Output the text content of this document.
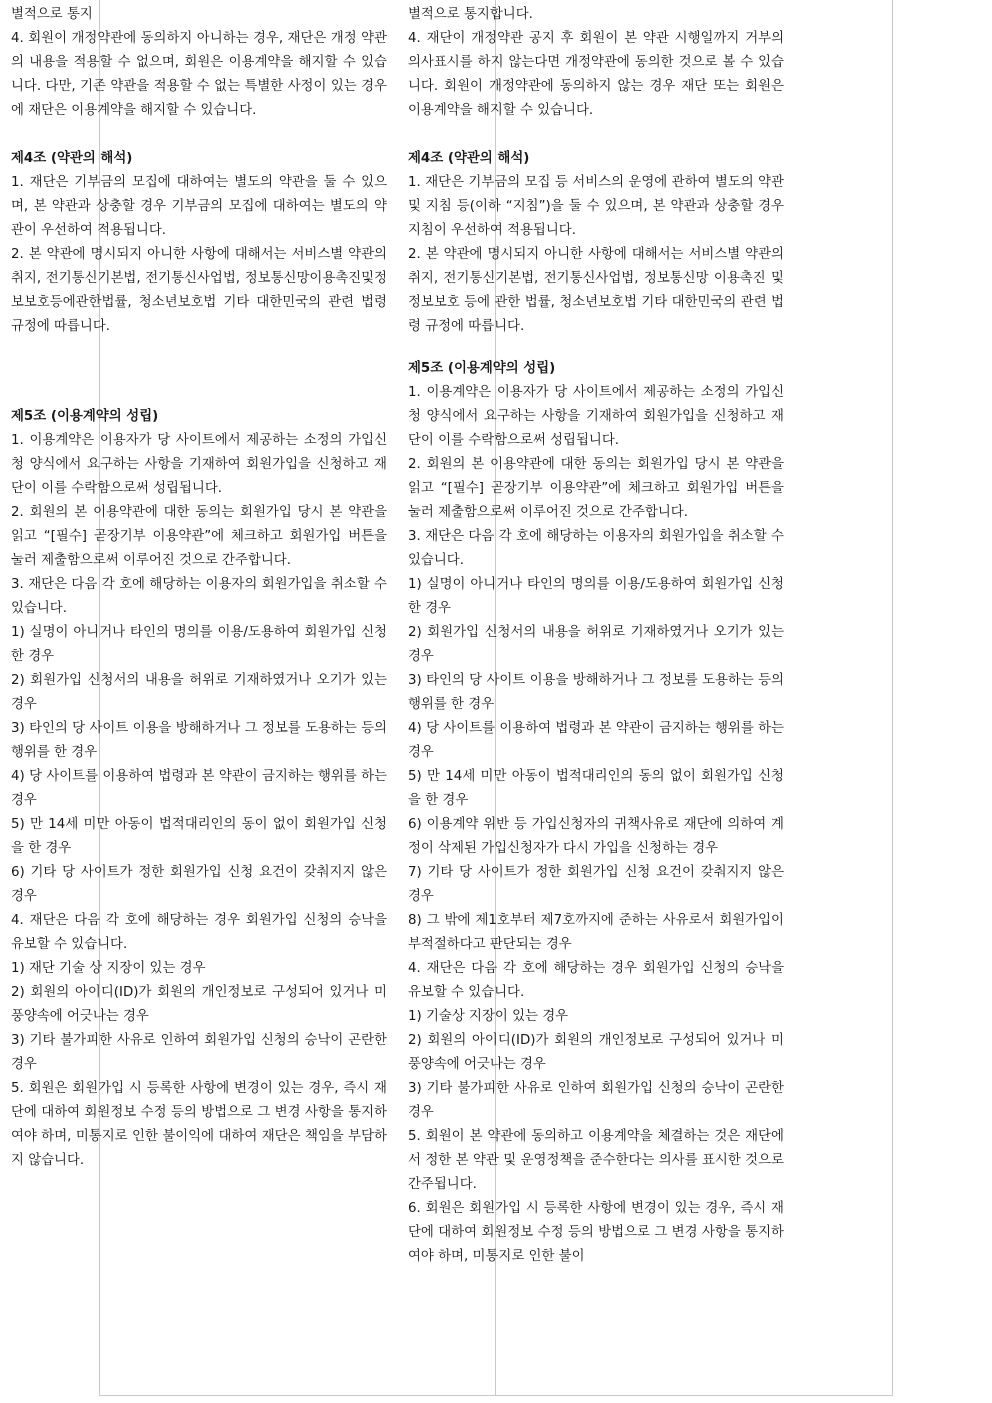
별적으로 통지

4. 회원이 개정약관에 동의하지 아니하는 경우, 재단은 개정 약관의 내용을 적용할 수 없으며, 회원은 이용계약을 해지할 수 있습니다. 다만, 기존 약관을 적용할 수 없는 특별한 사정이 있는 경우에 재단은 이용계약을 해지할 수 있습니다.

제4조 (약관의 해석)

1. 재단은 기부금의 모집에 대하여는 별도의 약관을 둘 수 있으며, 본 약관과 상충할 경우 기부금의 모집에 대하여는 별도의 약관이 우선하여 적용됩니다.

2. 본 약관에 명시되지 아니한 사항에 대해서는 서비스별 약관의 취지, 전기통신기본법, 전기통신사업법, 정보통신망이용촉진및정보보호등에관한법률, 청소년보호법 기타 대한민국의 관련 법령 규정에 따릅니다.

제5조 (이용계약의 성립)

1. 이용계약은 이용자가 당 사이트에서 제공하는 소정의 가입신청 양식에서 요구하는 사항을 기재하여 회원가입을 신청하고 재단이 이를 수락함으로써 성립됩니다.

2. 회원의 본 이용약관에 대한 동의는 회원가입 당시 본 약관을 읽고 “[필수] 곧장기부 이용약관”에 체크하고 회원가입 버튼을 눌러 제출함으로써 이루어진 것으로 간주합니다.

3. 재단은 다음 각 호에 해당하는 이용자의 회원가입을 취소할 수 있습니다.

1) 실명이 아니거나 타인의 명의를 이용/도용하여 회원가입 신청한 경우

2) 회원가입 신청서의 내용을 허위로 기재하였거나 오기가 있는 경우

3) 타인의 당 사이트 이용을 방해하거나 그 정보를 도용하는 등의 행위를 한 경우

4) 당 사이트를 이용하여 법령과 본 약관이 금지하는 행위를 하는 경우

5) 만 14세 미만 아동이 법적대리인의 동이 없이 회원가입 신청을 한 경우

6) 기타 당 사이트가 정한 회원가입 신청 요건이 갖춰지지 않은 경우

4. 재단은 다음 각 호에 해당하는 경우 회원가입 신청의 승낙을 유보할 수 있습니다.

1) 재단 기술 상 지장이 있는 경우

2) 회원의 아이디(ID)가 회원의 개인정보로 구성되어 있거나 미풍양속에 어긋나는 경우

3) 기타 불가피한 사유로 인하여 회원가입 신청의 승낙이 곤란한 경우

5. 회원은 회원가입 시 등록한 사항에 변경이 있는 경우, 즉시 재단에 대하여 회원정보 수정 등의 방법으로 그 변경 사항을 통지하여야 하며, 미통지로 인한 불이익에 대하여 재단은 책임을 부담하지 않습니다.

별적으로 통지합니다.

4. 재단이 개정약관 공지 후 회원이 본 약관 시행일까지 거부의 의사표시를 하지 않는다면 개정약관에 동의한 것으로 볼 수 있습니다. 회원이 개정약관에 동의하지 않는 경우 재단 또는 회원은 이용계약을 해지할 수 있습니다.

제4조 (약관의 해석)

1. 재단은 기부금의 모집 등 서비스의 운영에 관하여 별도의 약관 및 지침 등(이하 “지침”)을 둘 수 있으며, 본 약관과 상충할 경우 지침이 우선하여 적용됩니다.

2. 본 약관에 명시되지 아니한 사항에 대해서는 서비스별 약관의 취지, 전기통신기본법, 전기통신사업법, 정보통신망 이용촉진 및 정보보호 등에 관한 법률, 청소년보호법 기타 대한민국의 관련 법령 규정에 따릅니다.

제5조 (이용계약의 성립)

1. 이용계약은 이용자가 당 사이트에서 제공하는 소정의 가입신청 양식에서 요구하는 사항을 기재하여 회원가입을 신청하고 재단이 이를 수락함으로써 성립됩니다.

2. 회원의 본 이용약관에 대한 동의는 회원가입 당시 본 약관을 읽고 “[필수] 곧장기부 이용약관”에 체크하고 회원가입 버튼을 눌러 제출함으로써 이루어진 것으로 간주합니다.

3. 재단은 다음 각 호에 해당하는 이용자의 회원가입을 취소할 수 있습니다.

1) 실명이 아니거나 타인의 명의를 이용/도용하여 회원가입 신청한 경우

2) 회원가입 신청서의 내용을 허위로 기재하였거나 오기가 있는 경우

3) 타인의 당 사이트 이용을 방해하거나 그 정보를 도용하는 등의 행위를 한 경우

4) 당 사이트를 이용하여 법령과 본 약관이 금지하는 행위를 하는 경우

5) 만 14세 미만 아동이 법적대리인의 동의 없이 회원가입 신청을 한 경우

6) 이용계약 위반 등 가입신청자의 귀책사유로 재단에 의하여 계정이 삭제된 가입신청자가 다시 가입을 신청하는 경우

7) 기타 당 사이트가 정한 회원가입 신청 요건이 갖춰지지 않은 경우

8) 그 밖에 제1호부터 제7호까지에 준하는 사유로서 회원가입이 부적절하다고 판단되는 경우

4. 재단은 다음 각 호에 해당하는 경우 회원가입 신청의 승낙을 유보할 수 있습니다.

1) 기술상 지장이 있는 경우

2) 회원의 아이디(ID)가 회원의 개인정보로 구성되어 있거나 미풍양속에 어긋나는 경우

3) 기타 불가피한 사유로 인하여 회원가입 신청의 승낙이 곤란한 경우

5. 회원이 본 약관에 동의하고 이용계약을 체결하는 것은 재단에서 정한 본 약관 및 운영정책을 준수한다는 의사를 표시한 것으로 간주됩니다.

6. 회원은 회원가입 시 등록한 사항에 변경이 있는 경우, 즉시 재단에 대하여 회원정보 수정 등의 방법으로 그 변경 사항을 통지하여야 하며, 미통지로 인한 불이
